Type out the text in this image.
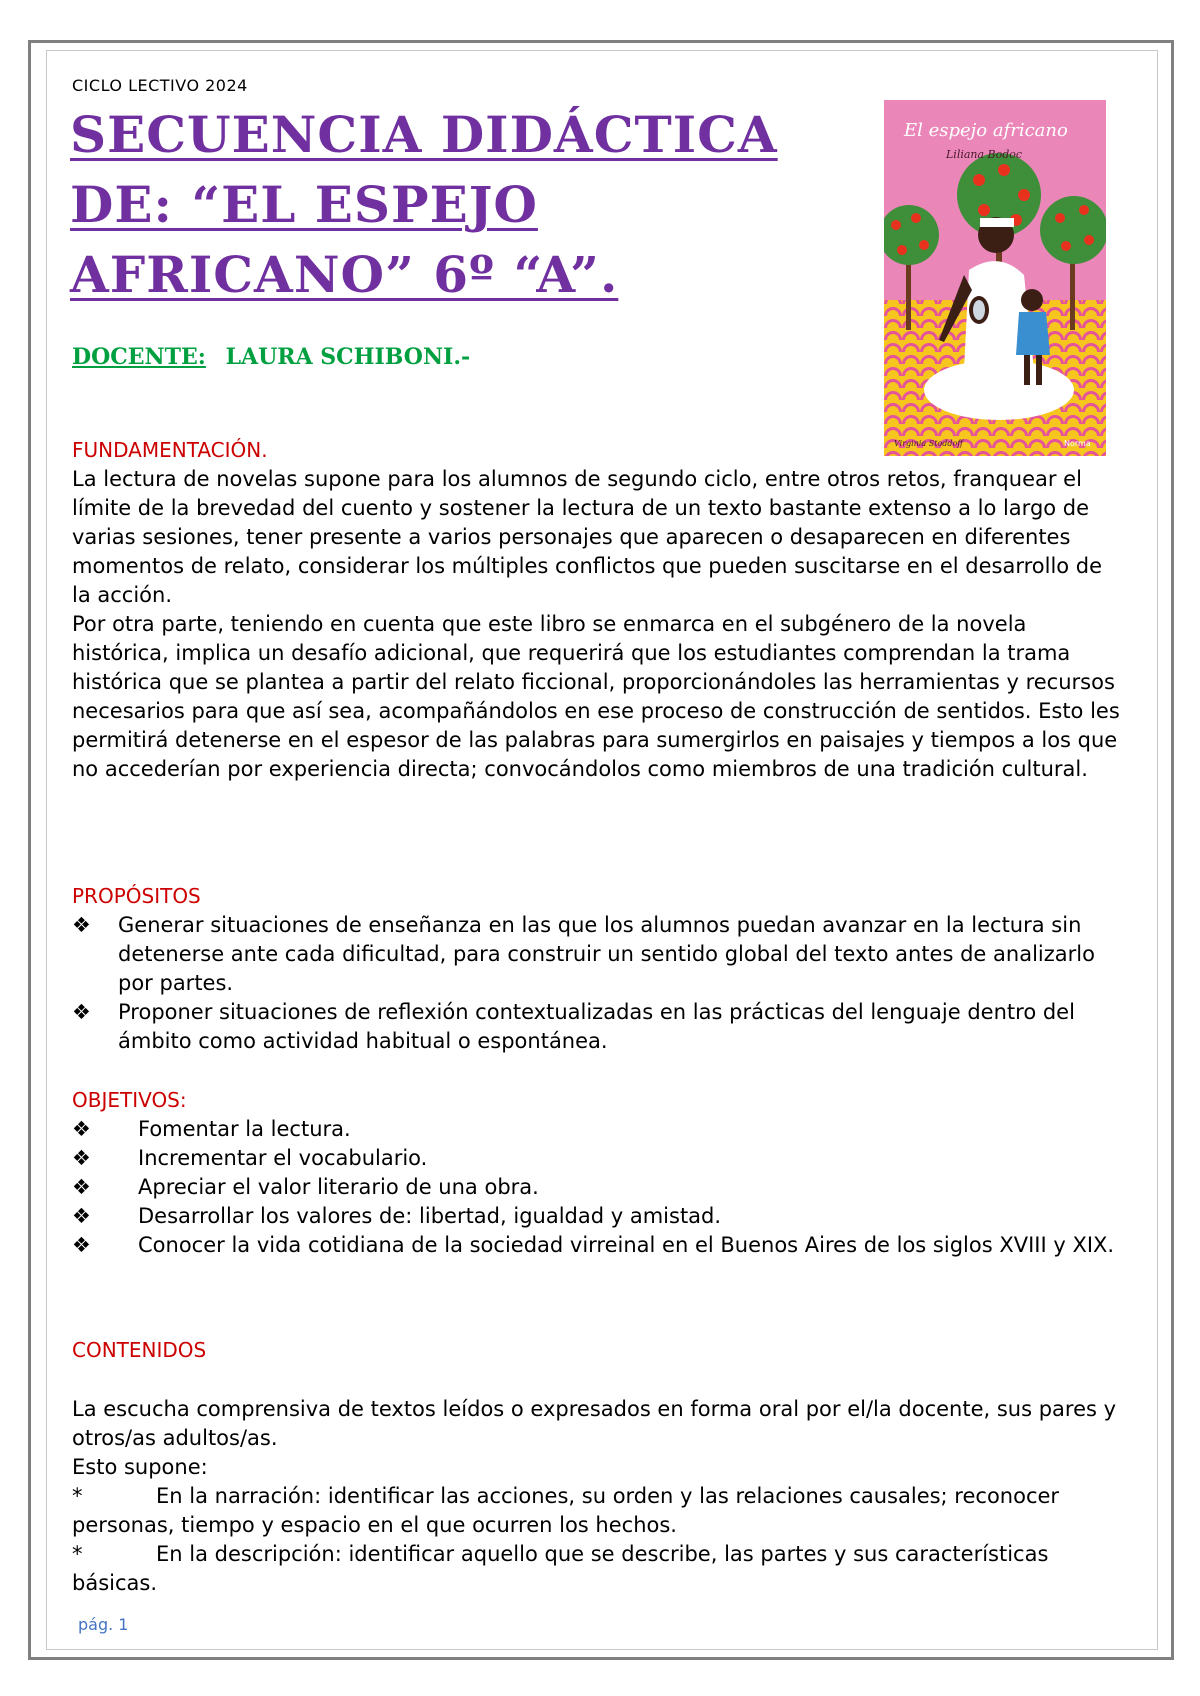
CICLO LECTIVO 2024
SECUENCIA DIDÁCTICA
DE: “EL ESPEJO
AFRICANO” 6º “A”.
DOCENTE: LAURA SCHIBONI.-
El espejo africano
Liliana Bodoc
Virginia Stoddoff	Norma
FUNDAMENTACIÓN.

La lectura de novelas supone para los alumnos de segundo ciclo, entre otros retos, franquear el límite de la brevedad del cuento y sostener la lectura de un texto bastante extenso a lo largo de varias sesiones, tener presente a varios personajes que aparecen o desaparecen en diferentes momentos de relato, considerar los múltiples conflictos que pueden suscitarse en el desarrollo de la acción.

Por otra parte, teniendo en cuenta que este libro se enmarca en el subgénero de la novela histórica, implica un desafío adicional, que requerirá que los estudiantes comprendan la trama histórica que se plantea a partir del relato ficcional, proporcionándoles las herramientas y recursos necesarios para que así sea, acompañándolos en ese proceso de construcción de sentidos. Esto les permitirá detenerse en el espesor de las palabras para sumergirlos en paisajes y tiempos a los que no accederían por experiencia directa; convocándolos como miembros de una tradición cultural.

PROPÓSITOS
❖	Generar situaciones de enseñanza en las que los alumnos puedan avanzar en la lectura sin detenerse ante cada dificultad, para construir un sentido global del texto antes de analizarlo por partes.
❖	Proponer situaciones de reflexión contextualizadas en las prácticas del lenguaje dentro del ámbito como actividad habitual o espontánea.
OBJETIVOS:
❖	Fomentar la lectura.
❖	Incrementar el vocabulario.
❖	Apreciar el valor literario de una obra.
❖	Desarrollar los valores de: libertad, igualdad y amistad.
❖	Conocer la vida cotidiana de la sociedad virreinal en el Buenos Aires de los siglos XVIII y XIX.
CONTENIDOS

La escucha comprensiva de textos leídos o expresados en forma oral por el/la docente, sus pares y otros/as adultos/as.

Esto supone:

*	En la narración: identificar las acciones, su orden y las relaciones causales; reconocer personas, tiempo y espacio en el que ocurren los hechos.
*	En la descripción: identificar aquello que se describe, las partes y sus características básicas.
pág. 1
